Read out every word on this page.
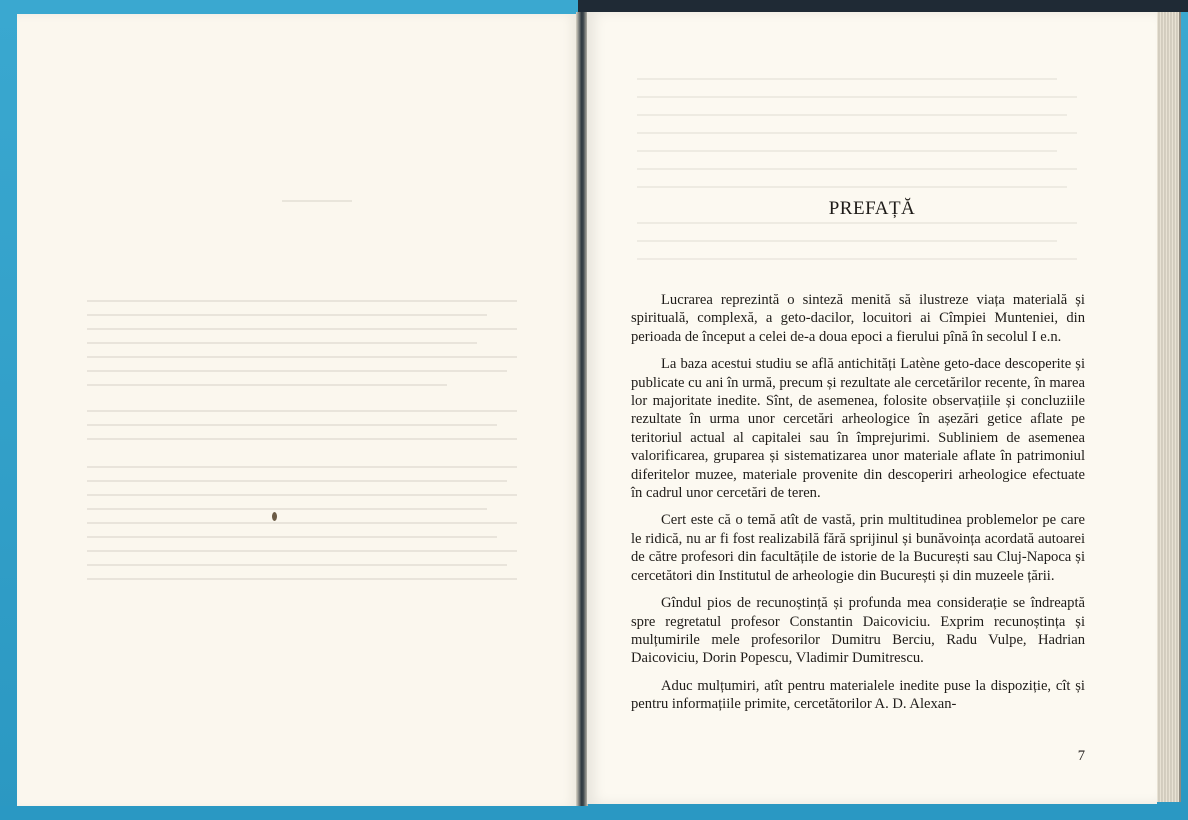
PREFAȚĂ

Lucrarea reprezintă o sinteză menită să ilustreze viața materială și spirituală, complexă, a geto-dacilor, locuitori ai Cîmpiei Munteniei, din perioada de început a celei de-a doua epoci a fierului pînă în secolul I e.n.

La baza acestui studiu se află antichități Latène geto-dace descoperite și publicate cu ani în urmă, precum și rezultate ale cercetărilor recente, în marea lor majoritate inedite. Sînt, de asemenea, folosite observațiile și concluziile rezultate în urma unor cercetări arheologice în așezări getice aflate pe teritoriul actual al capitalei sau în împrejurimi. Subliniem de asemenea valorificarea, gruparea și sistematizarea unor materiale aflate în patrimoniul diferitelor muzee, materiale provenite din descoperiri arheologice efectuate în cadrul unor cercetări de teren.

Cert este că o temă atît de vastă, prin multitudinea problemelor pe care le ridică, nu ar fi fost realizabilă fără sprijinul și bunăvoința acordată autoarei de către profesori din facultățile de istorie de la București sau Cluj-Napoca și cercetători din Institutul de arheologie din București și din muzeele țării.

Gîndul pios de recunoștință și profunda mea considerație se îndreaptă spre regretatul profesor Constantin Daicoviciu. Exprim recunoștința și mulțumirile mele profesorilor Dumitru Berciu, Radu Vulpe, Hadrian Daicoviciu, Dorin Popescu, Vladimir Dumitrescu.

Aduc mulțumiri, atît pentru materialele inedite puse la dispoziție, cît și pentru informațiile primite, cercetătorilor A. D. Alexan-

7
